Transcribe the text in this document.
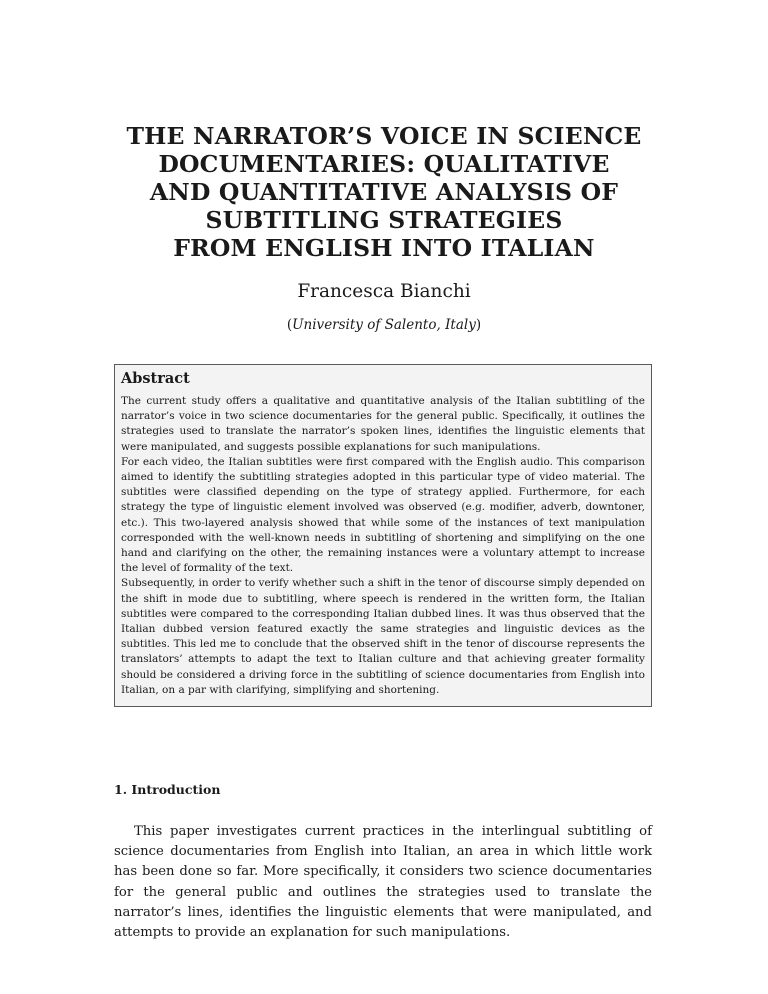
THE NARRATOR’S VOICE IN SCIENCE
DOCUMENTARIES: QUALITATIVE
AND QUANTITATIVE ANALYSIS OF
SUBTITLING STRATEGIES
FROM ENGLISH INTO ITALIAN
Francesca Bianchi
(University of Salento, Italy)
Abstract

The current study offers a qualitative and quantitative analysis of the Italian subtitling of the narrator’s voice in two science documentaries for the general public. Specifically, it outlines the strategies used to translate the narrator’s spoken lines, identifies the linguistic elements that were manipulated, and suggests possible explanations for such manipulations.

For each video, the Italian subtitles were first compared with the English audio. This comparison aimed to identify the subtitling strategies adopted in this particular type of video material. The subtitles were classified depending on the type of strategy applied. Furthermore, for each strategy the type of linguistic element involved was observed (e.g. modifier, adverb, downtoner, etc.). This two-layered analysis showed that while some of the instances of text manipulation corresponded with the well-known needs in subtitling of shortening and simplifying on the one hand and clarifying on the other, the remaining instances were a voluntary attempt to increase the level of formality of the text.

Subsequently, in order to verify whether such a shift in the tenor of discourse simply depended on the shift in mode due to subtitling, where speech is rendered in the written form, the Italian subtitles were compared to the corresponding Italian dubbed lines. It was thus observed that the Italian dubbed version featured exactly the same strategies and linguistic devices as the subtitles. This led me to conclude that the observed shift in the tenor of discourse represents the translators’ attempts to adapt the text to Italian culture and that achieving greater formality should be considered a driving force in the subtitling of science documentaries from English into Italian, on a par with clarifying, simplifying and shortening.

1. Introduction

This paper investigates current practices in the interlingual subtitling of science documentaries from English into Italian, an area in which little work has been done so far. More specifically, it considers two science documentaries for the general public and outlines the strategies used to translate the narrator’s lines, identifies the linguistic elements that were manipulated, and attempts to provide an explanation for such manipulations.
